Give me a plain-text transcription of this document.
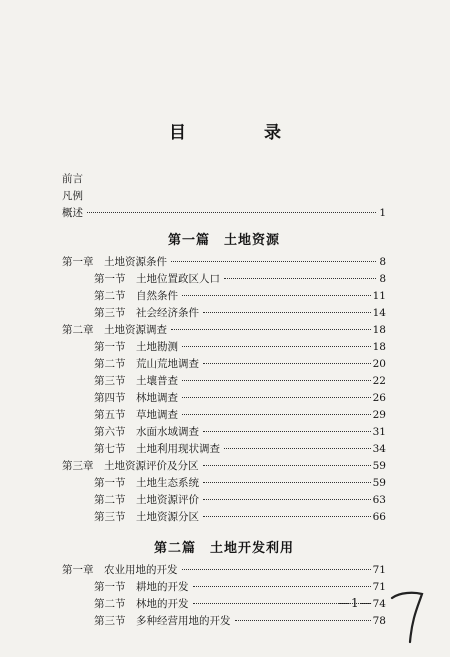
目	录
前言
凡例
概述	1
第一篇　土地资源
第一章　土地资源条件	8
第一节　土地位置政区人口	8
第二节　自然条件	11
第三节　社会经济条件	14
第二章　土地资源调查	18
第一节　土地勘测	18
第二节　荒山荒地调查	20
第三节　土壤普查	22
第四节　林地调查	26
第五节　草地调查	29
第六节　水面水域调查	31
第七节　土地利用现状调查	34
第三章　土地资源评价及分区	59
第一节　土地生态系统	59
第二节　土地资源评价	63
第三节　土地资源分区	66
第二篇　土地开发利用
第一章　农业用地的开发	71
第一节　耕地的开发	71
第二节　林地的开发	74
第三节　多种经营用地的开发	78
—1—
